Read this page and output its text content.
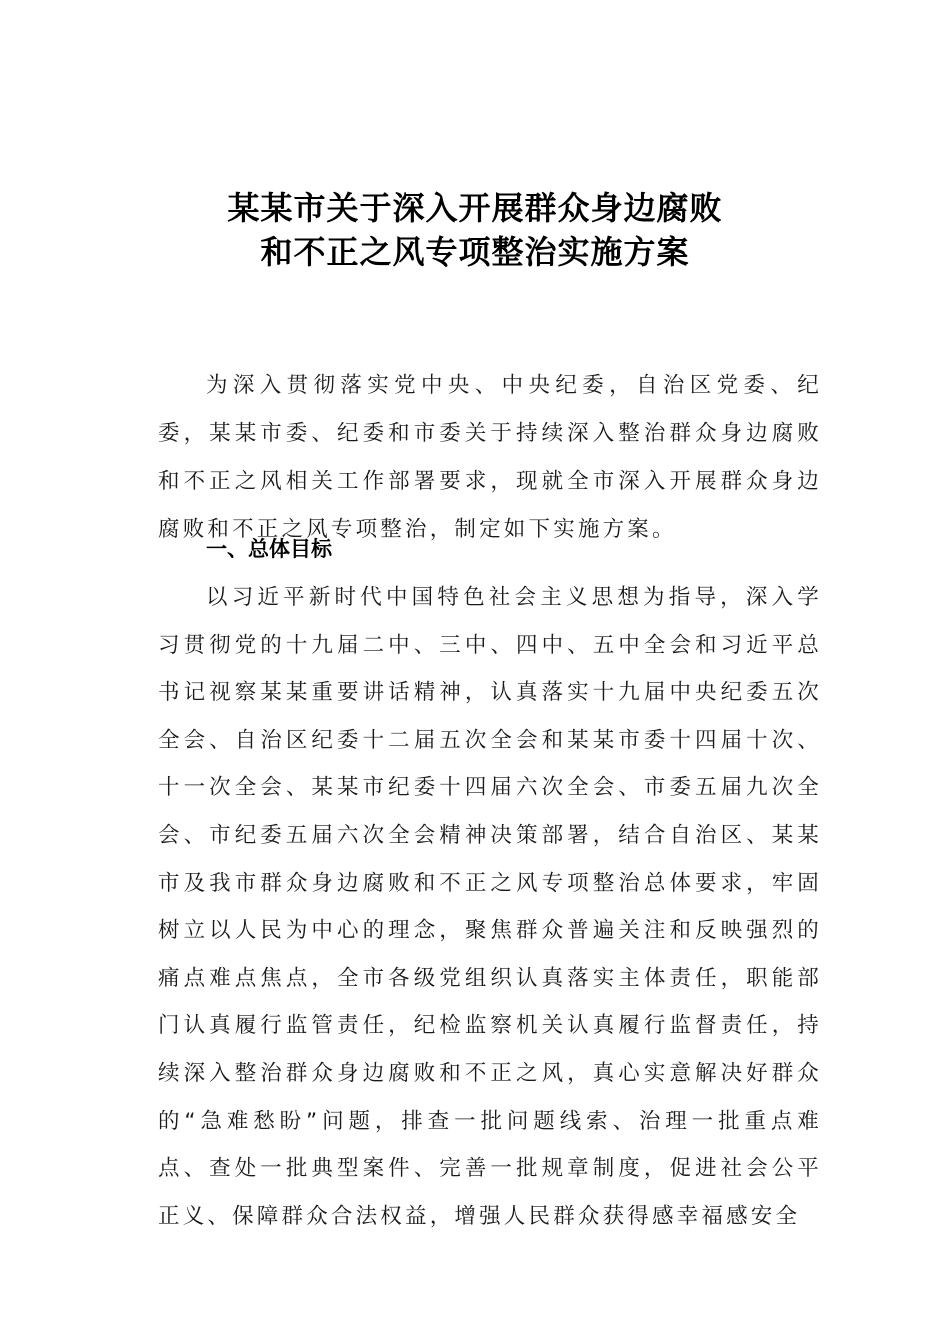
某某市关于深入开展群众身边腐败
和不正之风专项整治实施方案

为深入贯彻落实党中央、中央纪委，自治区党委、纪委，某某市委、纪委和市委关于持续深入整治群众身边腐败和不正之风相关工作部署要求，现就全市深入开展群众身边腐败和不正之风专项整治，制定如下实施方案。

一、总体目标

以习近平新时代中国特色社会主义思想为指导，深入学习贯彻党的十九届二中、三中、四中、五中全会和习近平总书记视察某某重要讲话精神，认真落实十九届中央纪委五次全会、自治区纪委十二届五次全会和某某市委十四届十次、十一次全会、某某市纪委十四届六次全会、市委五届九次全会、市纪委五届六次全会精神决策部署，结合自治区、某某市及我市群众身边腐败和不正之风专项整治总体要求，牢固树立以人民为中心的理念，聚焦群众普遍关注和反映强烈的痛点难点焦点，全市各级党组织认真落实主体责任，职能部门认真履行监管责任，纪检监察机关认真履行监督责任，持续深入整治群众身边腐败和不正之风，真心实意解决好群众的“急难愁盼”问题，排查一批问题线索、治理一批重点难点、查处一批典型案件、完善一批规章制度，促进社会公平正义、保障群众合法权益，增强人民群众获得感幸福感安全
